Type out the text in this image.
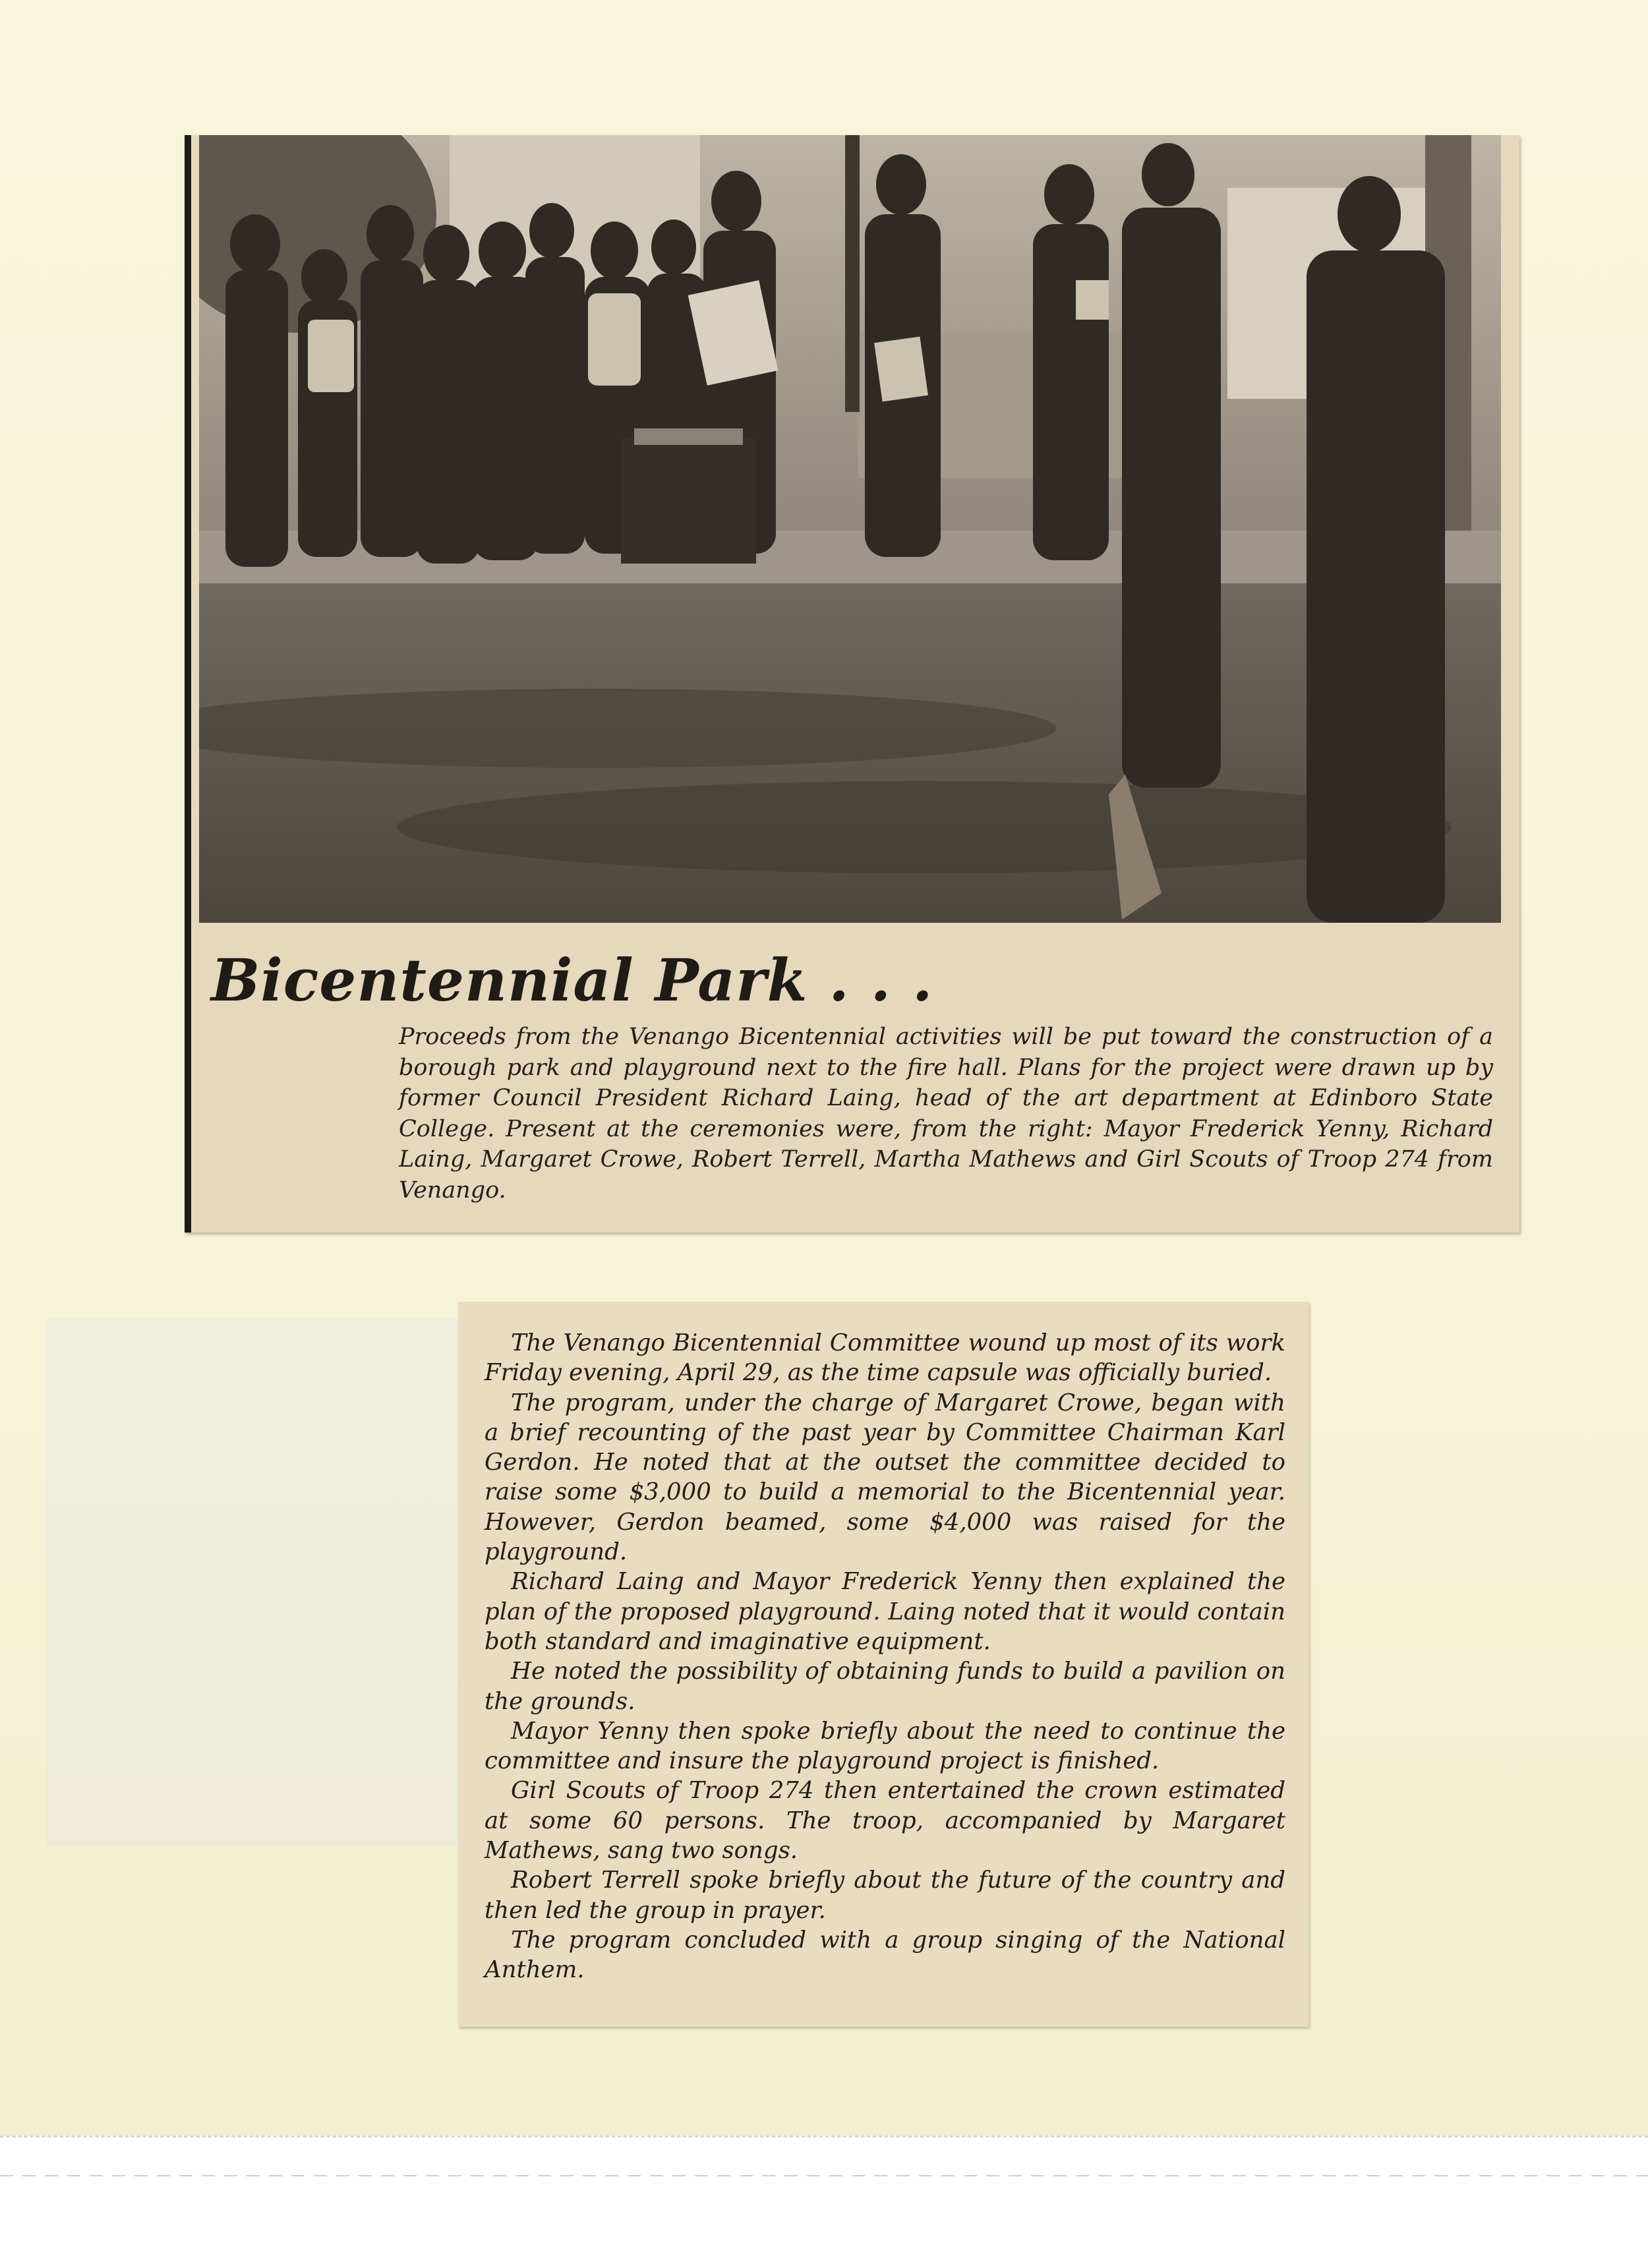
Bicentennial Park . . .

Proceeds from the Venango Bicentennial activities will be put toward the construction of a borough park and playground next to the fire hall. Plans for the project were drawn up by former Council President Richard Laing, head of the art department at Edinboro State College. Present at the ceremonies were, from the right: Mayor Frederick Yenny, Richard Laing, Margaret Crowe, Robert Terrell, Martha Mathews and Girl Scouts of Troop 274 from Venango.

The Venango Bicentennial Committee wound up most of its work Friday evening, April 29, as the time capsule was officially buried.

The program, under the charge of Margaret Crowe, began with a brief recounting of the past year by Committee Chairman Karl Gerdon. He noted that at the outset the committee decided to raise some $3,000 to build a memorial to the Bicentennial year. However, Gerdon beamed, some $4,000 was raised for the playground.

Richard Laing and Mayor Frederick Yenny then explained the plan of the proposed playground. Laing noted that it would contain both standard and imaginative equipment.

He noted the possibility of obtaining funds to build a pavilion on the grounds.

Mayor Yenny then spoke briefly about the need to continue the committee and insure the playground project is finished.

Girl Scouts of Troop 274 then entertained the crown estimated at some 60 persons. The troop, accompanied by Margaret Mathews, sang two songs.

Robert Terrell spoke briefly about the future of the country and then led the group in prayer.

The program concluded with a group singing of the National Anthem.
